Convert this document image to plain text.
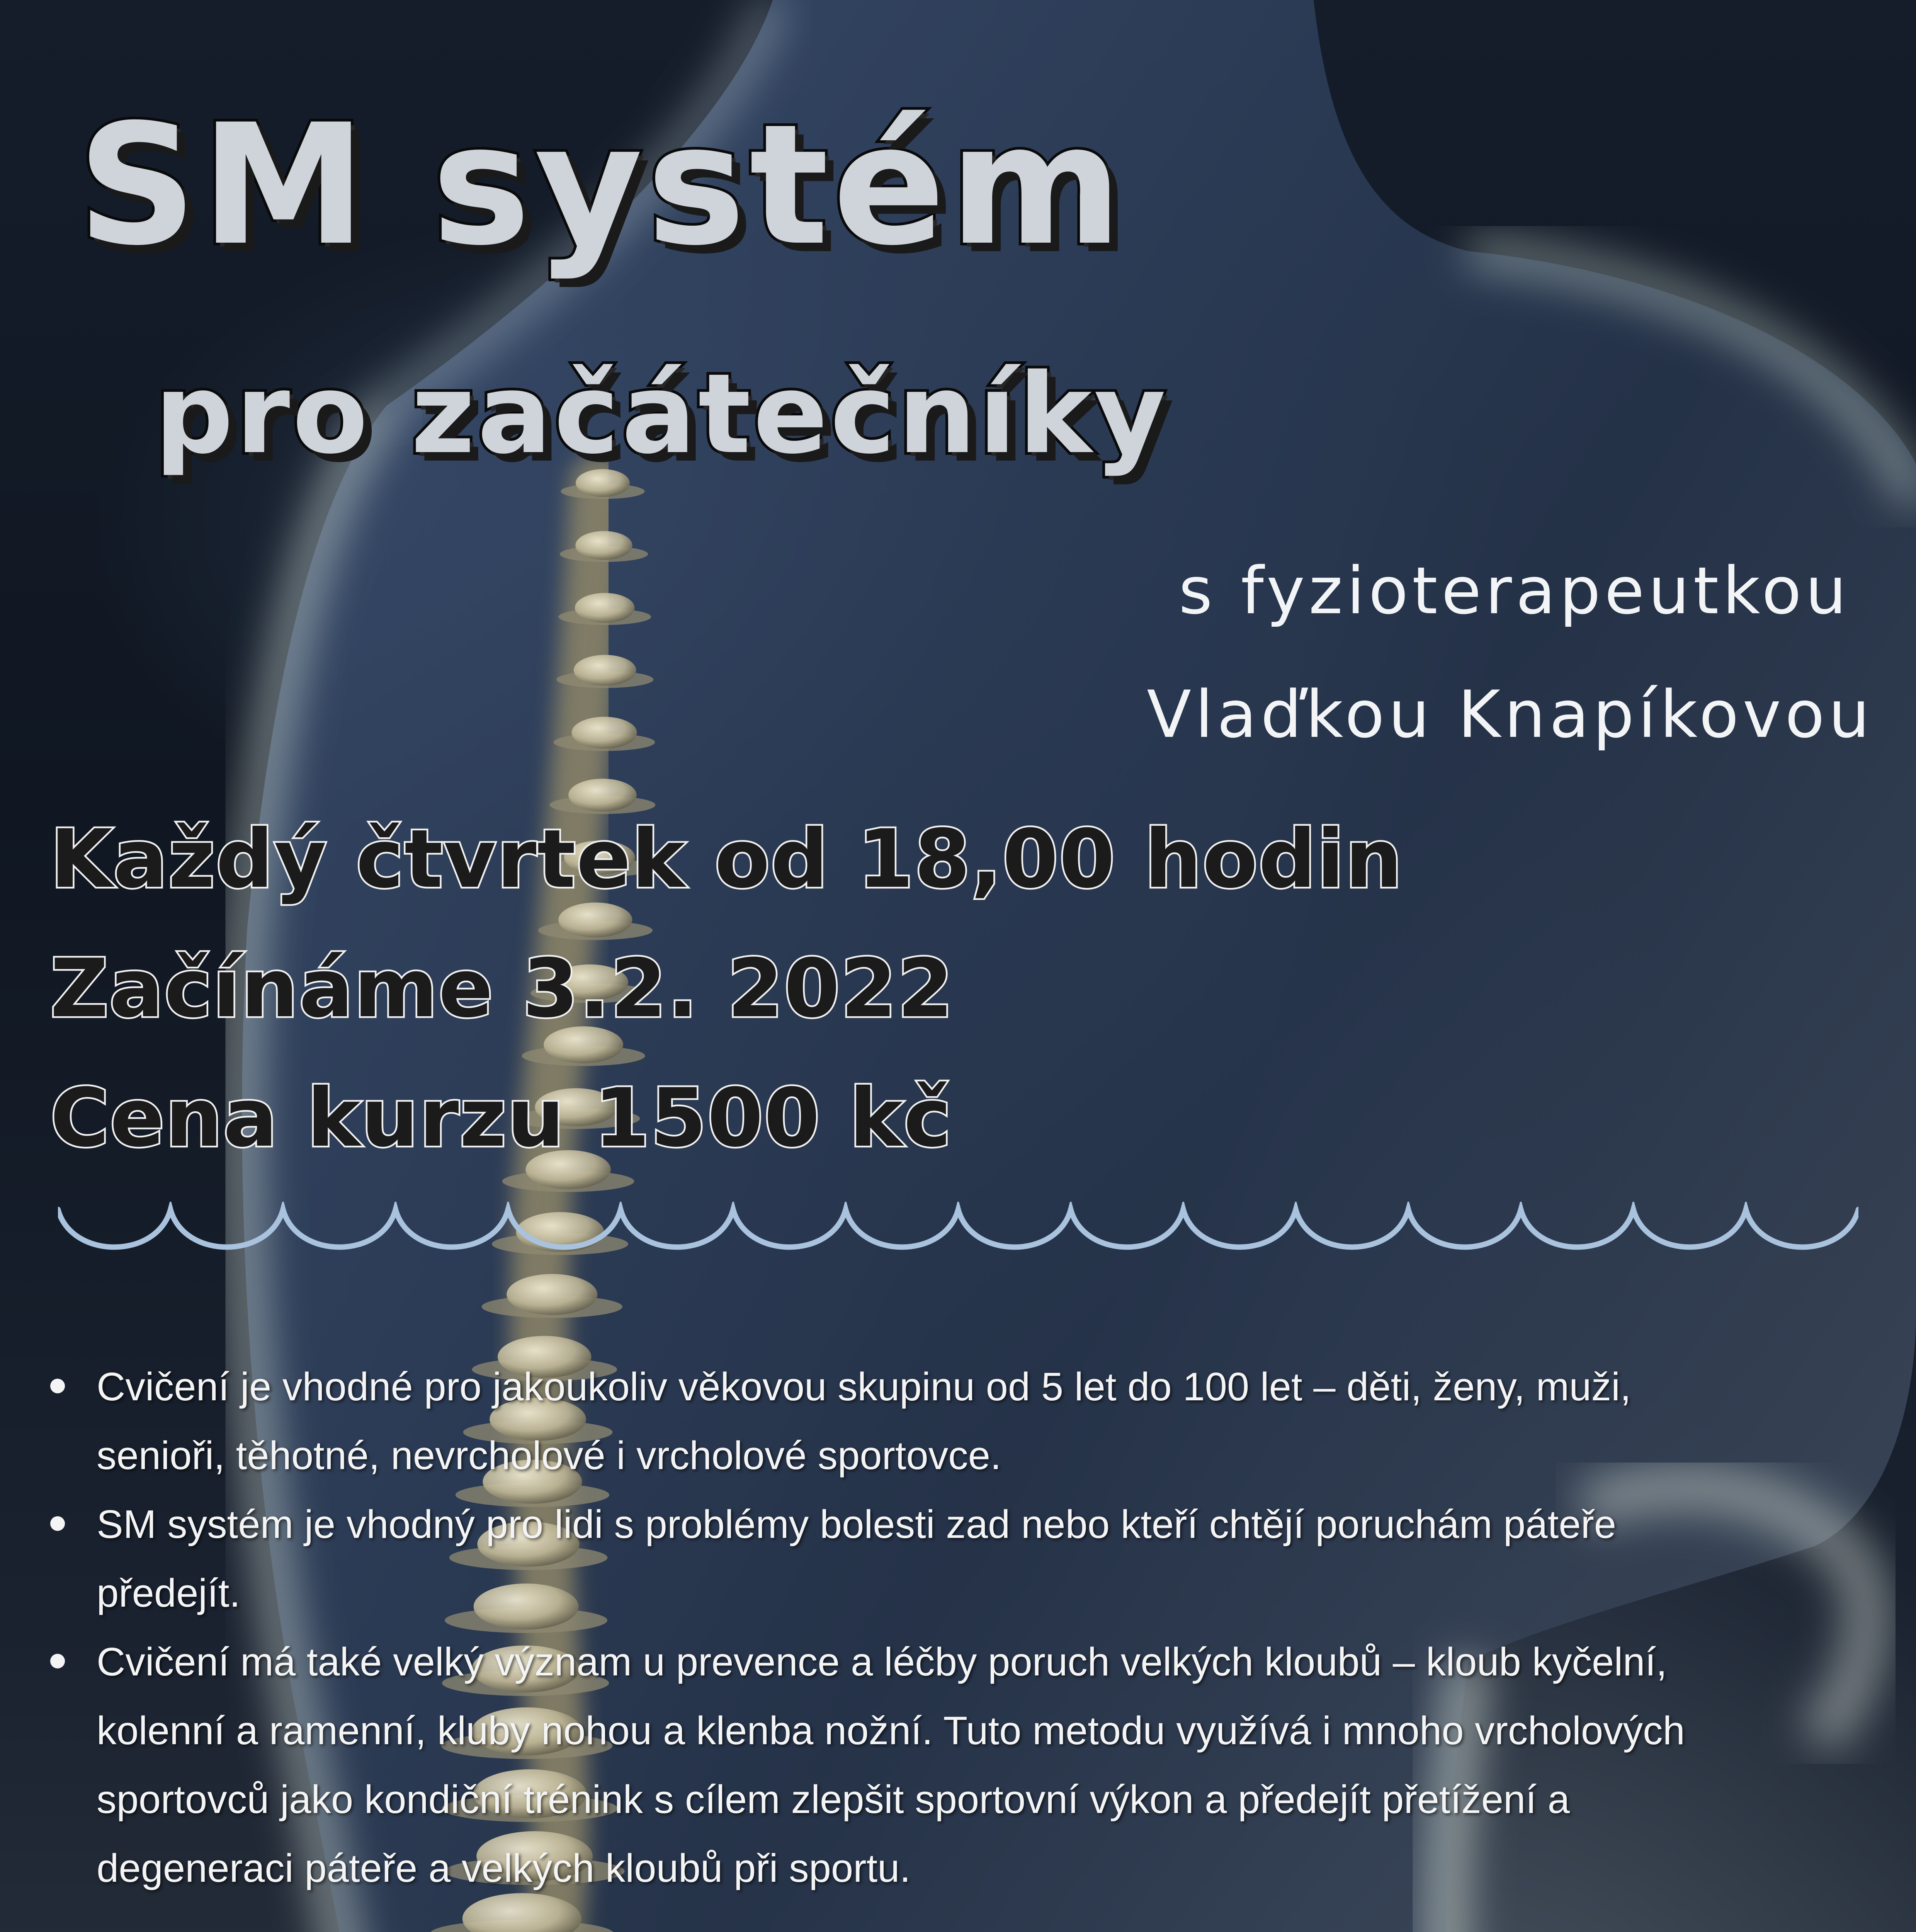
SM systém
pro začátečníky

s fyzioterapeutkou

Vlaďkou Knapíkovou

Každý čtvrtek od 18,00 hodin

Začínáme 3.2. 2022

Cena kurzu 1500 kč

Cvičení je vhodné pro jakoukoliv věkovou skupinu od 5 let do 100 let – děti, ženy, muži, senioři, těhotné, nevrcholové i vrcholové sportovce.
SM systém je vhodný pro lidi s problémy bolesti zad nebo kteří chtějí poruchám páteře předejít.
Cvičení má také velký význam u prevence a léčby poruch velkých kloubů – kloub kyčelní, kolenní a ramenní, kluby nohou a klenba nožní. Tuto metodu využívá i mnoho vrcholových sportovců jako kondiční trénink s cílem zlepšit sportovní výkon a předejít přetížení a degeneraci páteře a velkých kloubů při sportu.
